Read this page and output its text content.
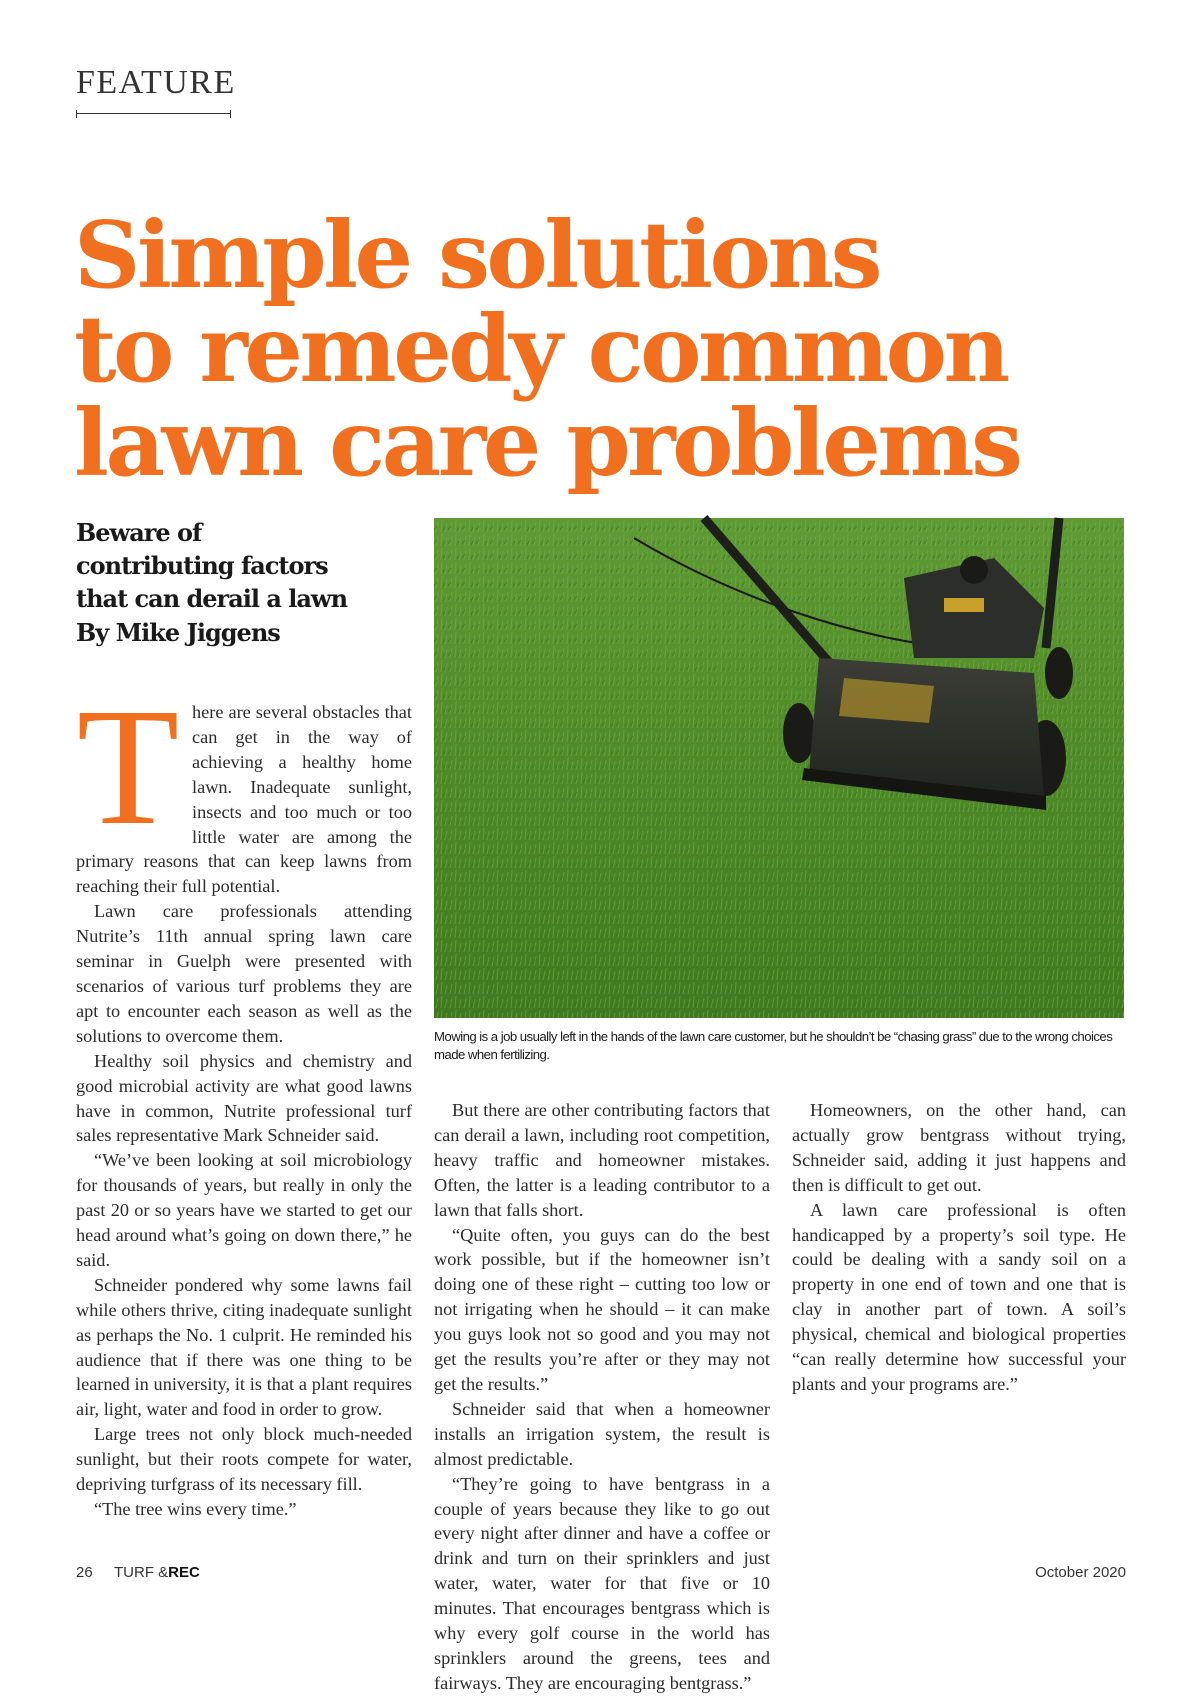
FEATURE
Simple solutions
to remedy common
lawn care problems
Beware of
contributing factors
that can derail a lawn
By Mike Jiggens
Mowing is a job usually left in the hands of the lawn care customer, but he shouldn’t be “chasing grass” due to the wrong choices made when fertilizing.

There are several obstacles that can get in the way of achieving a healthy home lawn. Inadequate sunlight, insects and too much or too little water are among the primary reasons that can keep lawns from reaching their full potential.

Lawn care professionals attending Nutrite’s 11th annual spring lawn care seminar in Guelph were presented with scenarios of various turf problems they are apt to encounter each season as well as the solutions to overcome them.

Healthy soil physics and chemistry and good microbial activity are what good lawns have in common, Nutrite professional turf sales representative Mark Schneider said.

“We’ve been looking at soil microbiology for thousands of years, but really in only the past 20 or so years have we started to get our head around what’s going on down there,” he said.

Schneider pondered why some lawns fail while others thrive, citing inadequate sunlight as perhaps the No. 1 culprit. He reminded his audience that if there was one thing to be learned in university, it is that a plant requires air, light, water and food in order to grow.

Large trees not only block much-needed sunlight, but their roots compete for water, depriving turfgrass of its necessary fill.

“The tree wins every time.”

But there are other contributing factors that can derail a lawn, including root competition, heavy traffic and homeowner mistakes. Often, the latter is a leading contributor to a lawn that falls short.

“Quite often, you guys can do the best work possible, but if the homeowner isn’t doing one of these right – cutting too low or not irrigating when he should – it can make you guys look not so good and you may not get the results you’re after or they may not get the results.”

Schneider said that when a homeowner installs an irrigation system, the result is almost predictable.

“They’re going to have bentgrass in a couple of years because they like to go out every night after dinner and have a coffee or drink and turn on their sprinklers and just water, water, water for that five or 10 minutes. That encourages bentgrass which is why every golf course in the world has sprinklers around the greens, tees and fairways. They are encouraging bentgrass.”

Homeowners, on the other hand, can actually grow bentgrass without trying, Schneider said, adding it just happens and then is difficult to get out.

A lawn care professional is often handicapped by a property’s soil type. He could be dealing with a sandy soil on a property in one end of town and one that is clay in another part of town. A soil’s physical, chemical and biological properties “can really determine how successful your plants and your programs are.”

26 TURF &REC	October 2020
